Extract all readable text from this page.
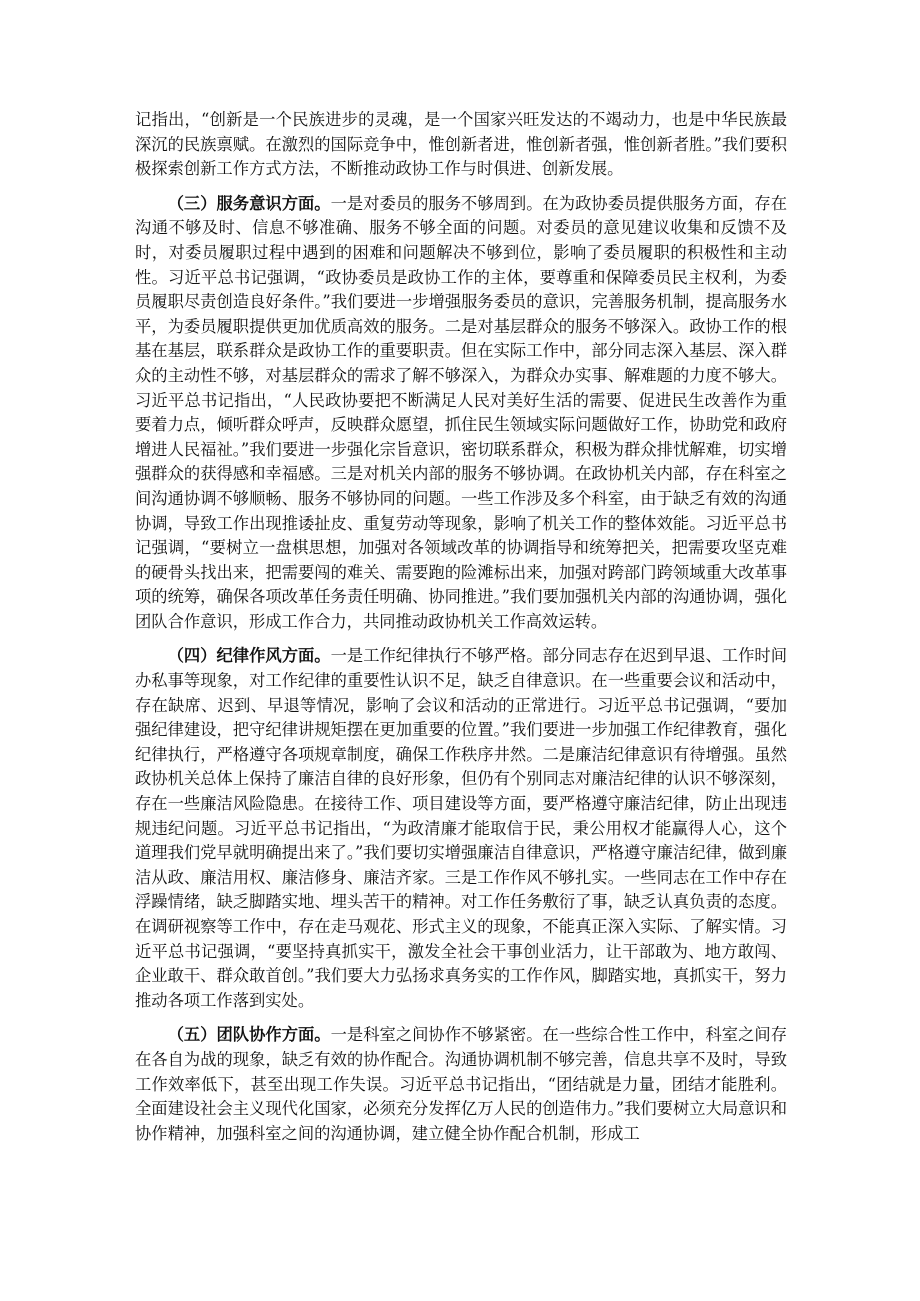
记指出，“创新是一个民族进步的灵魂，是一个国家兴旺发达的不竭动力，也是中华民族最深沉的民族禀赋。在激烈的国际竞争中，惟创新者进，惟创新者强，惟创新者胜。”我们要积极探索创新工作方式方法，不断推动政协工作与时俱进、创新发展。

（三）服务意识方面。一是对委员的服务不够周到。在为政协委员提供服务方面，存在沟通不够及时、信息不够准确、服务不够全面的问题。对委员的意见建议收集和反馈不及时，对委员履职过程中遇到的困难和问题解决不够到位，影响了委员履职的积极性和主动性。习近平总书记强调，“政协委员是政协工作的主体，要尊重和保障委员民主权利，为委员履职尽责创造良好条件。”我们要进一步增强服务委员的意识，完善服务机制，提高服务水平，为委员履职提供更加优质高效的服务。二是对基层群众的服务不够深入。政协工作的根基在基层，联系群众是政协工作的重要职责。但在实际工作中，部分同志深入基层、深入群众的主动性不够，对基层群众的需求了解不够深入，为群众办实事、解难题的力度不够大。习近平总书记指出，“人民政协要把不断满足人民对美好生活的需要、促进民生改善作为重要着力点，倾听群众呼声，反映群众愿望，抓住民生领域实际问题做好工作，协助党和政府增进人民福祉。”我们要进一步强化宗旨意识，密切联系群众，积极为群众排忧解难，切实增强群众的获得感和幸福感。三是对机关内部的服务不够协调。在政协机关内部，存在科室之间沟通协调不够顺畅、服务不够协同的问题。一些工作涉及多个科室，由于缺乏有效的沟通协调，导致工作出现推诿扯皮、重复劳动等现象，影响了机关工作的整体效能。习近平总书记强调，“要树立一盘棋思想，加强对各领域改革的协调指导和统筹把关，把需要攻坚克难的硬骨头找出来，把需要闯的难关、需要跑的险滩标出来，加强对跨部门跨领域重大改革事项的统筹，确保各项改革任务责任明确、协同推进。”我们要加强机关内部的沟通协调，强化团队合作意识，形成工作合力，共同推动政协机关工作高效运转。

（四）纪律作风方面。一是工作纪律执行不够严格。部分同志存在迟到早退、工作时间办私事等现象，对工作纪律的重要性认识不足，缺乏自律意识。在一些重要会议和活动中，存在缺席、迟到、早退等情况，影响了会议和活动的正常进行。习近平总书记强调，“要加强纪律建设，把守纪律讲规矩摆在更加重要的位置。”我们要进一步加强工作纪律教育，强化纪律执行，严格遵守各项规章制度，确保工作秩序井然。二是廉洁纪律意识有待增强。虽然政协机关总体上保持了廉洁自律的良好形象，但仍有个别同志对廉洁纪律的认识不够深刻，存在一些廉洁风险隐患。在接待工作、项目建设等方面，要严格遵守廉洁纪律，防止出现违规违纪问题。习近平总书记指出，“为政清廉才能取信于民，秉公用权才能赢得人心，这个道理我们党早就明确提出来了。”我们要切实增强廉洁自律意识，严格遵守廉洁纪律，做到廉洁从政、廉洁用权、廉洁修身、廉洁齐家。三是工作作风不够扎实。一些同志在工作中存在浮躁情绪，缺乏脚踏实地、埋头苦干的精神。对工作任务敷衍了事，缺乏认真负责的态度。在调研视察等工作中，存在走马观花、形式主义的现象，不能真正深入实际、了解实情。习近平总书记强调，“要坚持真抓实干，激发全社会干事创业活力，让干部敢为、地方敢闯、企业敢干、群众敢首创。”我们要大力弘扬求真务实的工作作风，脚踏实地，真抓实干，努力推动各项工作落到实处。

（五）团队协作方面。一是科室之间协作不够紧密。在一些综合性工作中，科室之间存在各自为战的现象，缺乏有效的协作配合。沟通协调机制不够完善，信息共享不及时，导致工作效率低下，甚至出现工作失误。习近平总书记指出，“团结就是力量，团结才能胜利。全面建设社会主义现代化国家，必须充分发挥亿万人民的创造伟力。”我们要树立大局意识和协作精神，加强科室之间的沟通协调，建立健全协作配合机制，形成工
